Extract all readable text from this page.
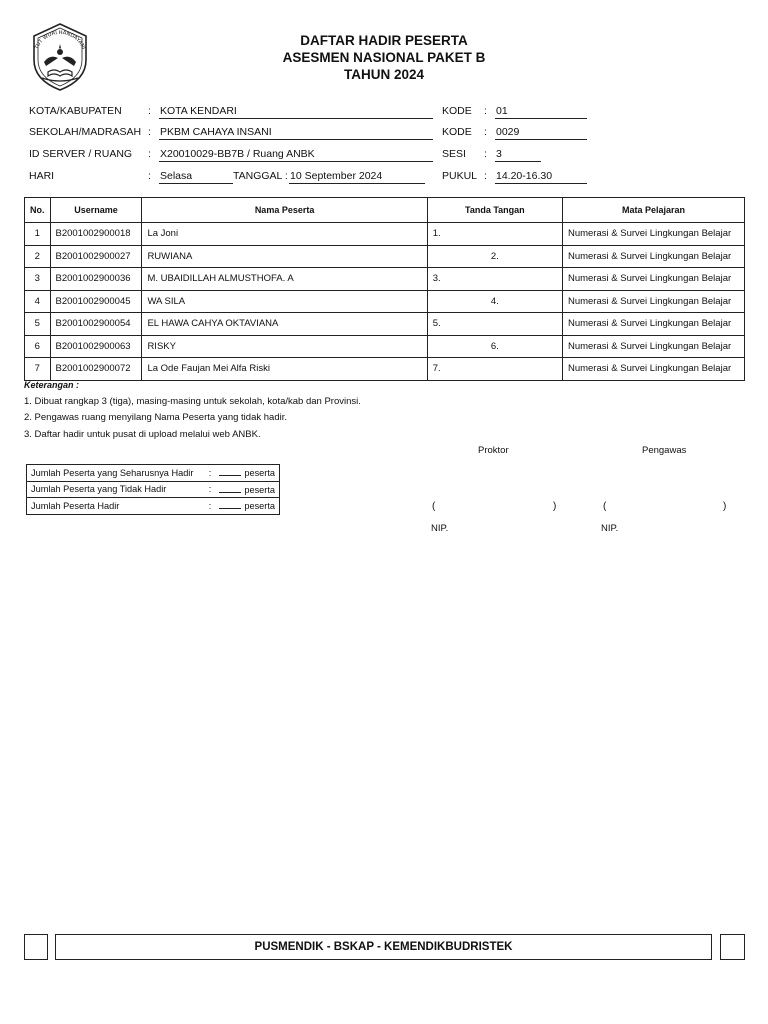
TUT WURI HANDAYANI
DAFTAR HADIR PESERTA
ASESMEN NASIONAL PAKET B
TAHUN 2024
KOTA/KABUPATEN : KOTA KENDARI	KODE : 01
SEKOLAH/MADRASAH : PKBM CAHAYA INSANI	KODE : 0029
ID SERVER / RUANG : X20010029-BB7B / Ruang ANBK	SESI : 3
HARI	: Selasa	TANGGAL : 10 September 2024	PUKUL : 14.20-16.30
No.	Username	Nama Peserta	Tanda Tangan	Mata Pelajaran
1	B2001002900018	La Joni	1.	Numerasi & Survei Lingkungan Belajar
2	B2001002900027	RUWIANA	2.	Numerasi & Survei Lingkungan Belajar
3	B2001002900036	M. UBAIDILLAH ALMUSTHOFA. A	3.	Numerasi & Survei Lingkungan Belajar
4	B2001002900045	WA SILA	4.	Numerasi & Survei Lingkungan Belajar
5	B2001002900054	EL HAWA CAHYA OKTAVIANA	5.	Numerasi & Survei Lingkungan Belajar
6	B2001002900063	RISKY	6.	Numerasi & Survei Lingkungan Belajar
7	B2001002900072	La Ode Faujan Mei Alfa Riski	7.	Numerasi & Survei Lingkungan Belajar
Keterangan :
1. Dibuat rangkap 3 (tiga), masing-masing untuk sekolah, kota/kab dan Provinsi.
2. Pengawas ruang menyilang Nama Peserta yang tidak hadir.
3. Daftar hadir untuk pusat di upload melalui web ANBK.
Proktor	Pengawas
(	)	(	)
NIP.	NIP.
Jumlah Peserta yang Seharusnya Hadir	:	peserta
Jumlah Peserta yang Tidak Hadir	:	peserta
Jumlah Peserta Hadir	:	peserta
PUSMENDIK - BSKAP - KEMENDIKBUDRISTEK
